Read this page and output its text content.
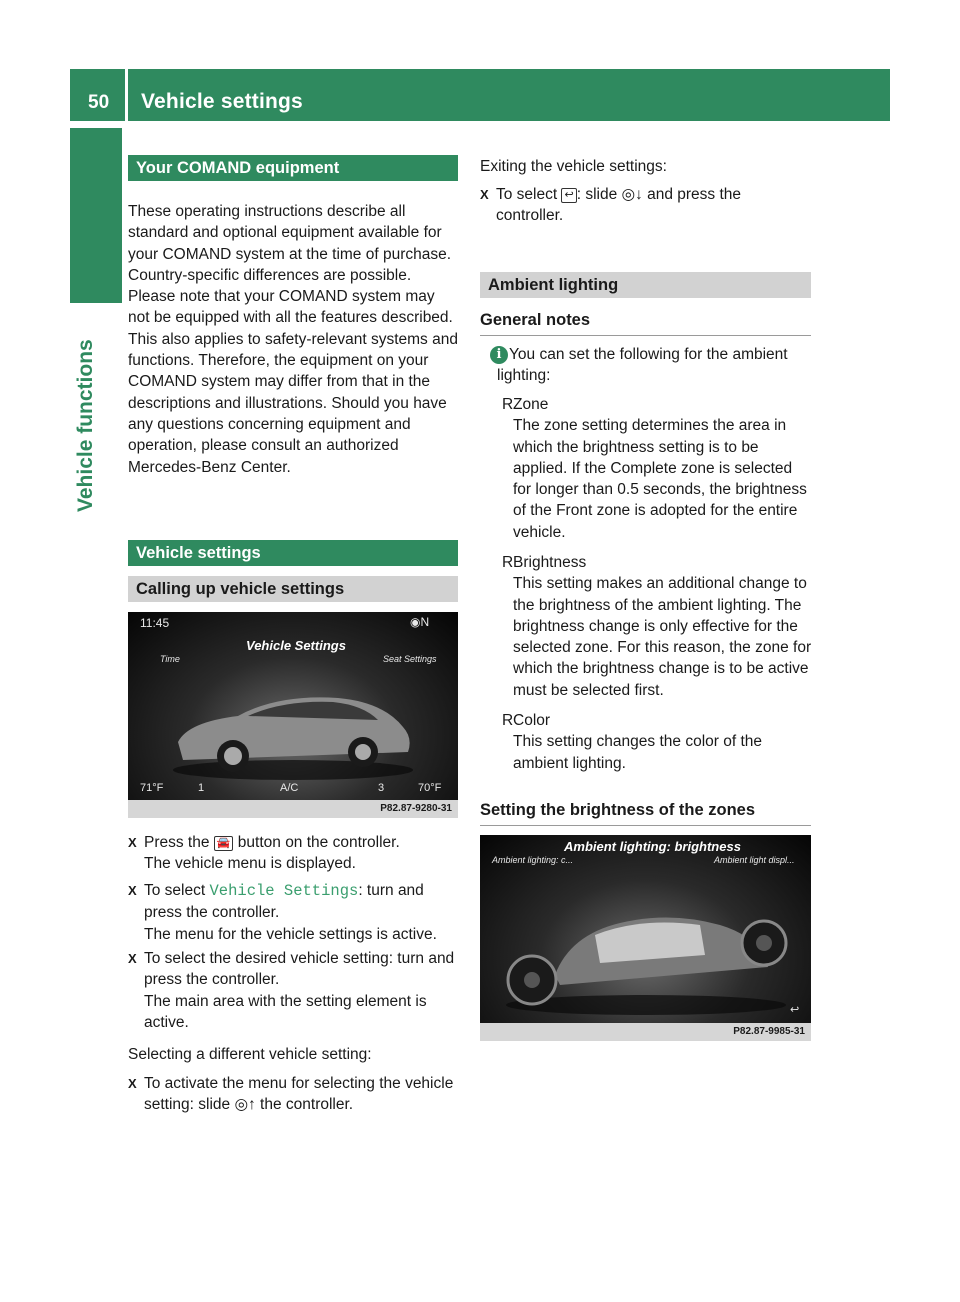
50 Vehicle settings
Vehicle functions
Your COMAND equipment
These operating instructions describe all standard and optional equipment available for your COMAND system at the time of purchase. Country-specific differences are possible. Please note that your COMAND system may not be equipped with all the features described. This also applies to safety-relevant systems and functions. Therefore, the equipment on your COMAND system may differ from that in the descriptions and illustrations. Should you have any questions concerning equipment and operation, please consult an authorized Mercedes-Benz Center.
Vehicle settings
Calling up vehicle settings
11:45	◉N
Vehicle Settings
Time	Seat Settings
71°F	1	A/C	3	70°F
P82.87-9280-31
X Press the 🚘 button on the controller.
The vehicle menu is displayed.
X To select Vehicle Settings: turn and press the controller.
The menu for the vehicle settings is active.
X To select the desired vehicle setting: turn and press the controller.
The main area with the setting element is active.
Selecting a different vehicle setting:
X To activate the menu for selecting the vehicle setting: slide ◎↑ the controller.
Exiting the vehicle settings:
X To select ↩ : slide ◎↓ and press the controller.
Ambient lighting
General notes
i You can set the following for the ambient lighting:
R Zone
The zone setting determines the area in which the brightness setting is to be applied. If the Complete zone is selected for longer than 0.5 seconds, the brightness of the Front zone is adopted for the entire vehicle.
R Brightness
This setting makes an additional change to the brightness of the ambient lighting. The brightness change is only effective for the selected zone. For this reason, the zone for which the brightness change is to be active must be selected first.
R Color
This setting changes the color of the ambient lighting.
Setting the brightness of the zones
Ambient lighting: brightness
Ambient lighting: c...	Ambient light displ...
↩
P82.87-9985-31
